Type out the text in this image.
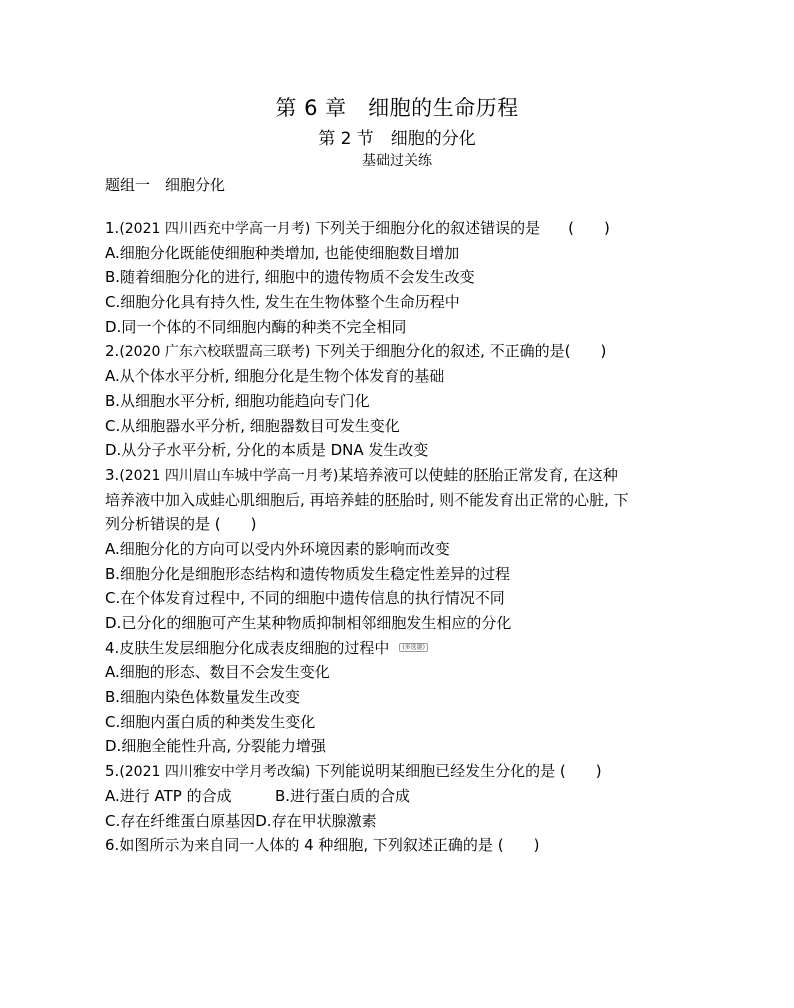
第 6 章　细胞的生命历程
第 2 节　细胞的分化
基础过关练
题组一　细胞分化
1.(2021 四川西充中学高一月考) 下列关于细胞分化的叙述错误的是 (　　)
A.细胞分化既能使细胞种类增加, 也能使细胞数目增加
B.随着细胞分化的进行, 细胞中的遗传物质不会发生改变
C.细胞分化具有持久性, 发生在生物体整个生命历程中
D.同一个体的不同细胞内酶的种类不完全相同
2.(2020 广东六校联盟高三联考) 下列关于细胞分化的叙述, 不正确的是(　　)
A.从个体水平分析, 细胞分化是生物个体发育的基础
B.从细胞水平分析, 细胞功能趋向专门化
C.从细胞器水平分析, 细胞器数目可发生变化
D.从分子水平分析, 分化的本质是 DNA 发生改变
3.(2021 四川眉山车城中学高一月考)某培养液可以使蛙的胚胎正常发育, 在这种
培养液中加入成蛙心肌细胞后, 再培养蛙的胚胎时, 则不能发育出正常的心脏, 下
列分析错误的是 (　　)
A.细胞分化的方向可以受内外环境因素的影响而改变
B.细胞分化是细胞形态结构和遗传物质发生稳定性差异的过程
C.在个体发育过程中, 不同的细胞中遗传信息的执行情况不同
D.已分化的细胞可产生某种物质抑制相邻细胞发生相应的分化
4.皮肤生发层细胞分化成表皮细胞的过程中 (多选题)
A.细胞的形态、数目不会发生变化
B.细胞内染色体数量发生改变
C.细胞内蛋白质的种类发生变化
D.细胞全能性升高, 分裂能力增强
5.(2021 四川雅安中学月考改编) 下列能说明某细胞已经发生分化的是 (　　)
A.进行 ATP 的合成	B.进行蛋白质的合成
C.存在纤维蛋白原基因D.存在甲状腺激素
6.如图所示为来自同一人体的 4 种细胞, 下列叙述正确的是 (　　)
